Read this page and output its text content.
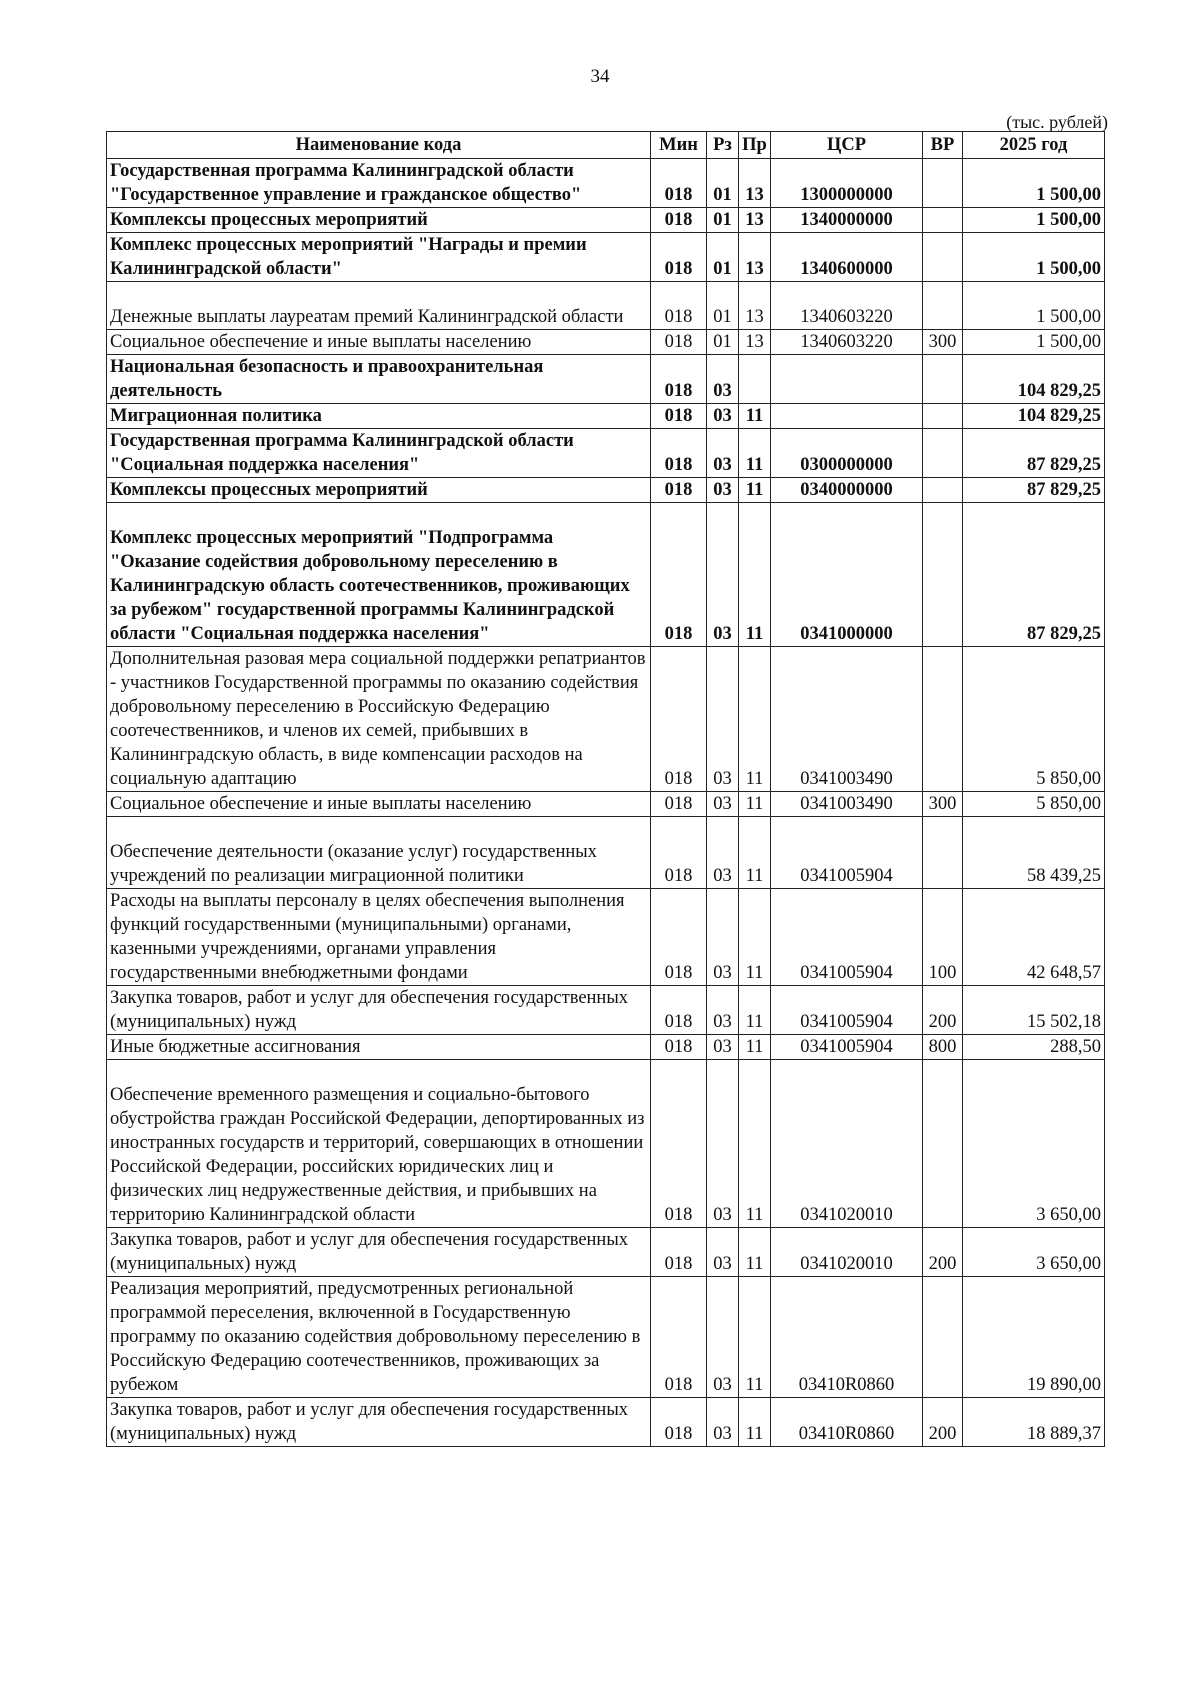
34
(тыс. рублей)
Наименование кода	Мин	Рз	Пр	ЦСР	ВР	2025 год
Государственная программа Калининградской области "Государственное управление и гражданское общество"	018	01	13	1300000000		1 500,00
Комплексы процессных мероприятий	018	01	13	1340000000		1 500,00
Комплекс процессных мероприятий "Награды и премии Калининградской области"	018	01	13	1340600000		1 500,00
Денежные выплаты лауреатам премий Калининградской области	018	01	13	1340603220		1 500,00
Социальное обеспечение и иные выплаты населению	018	01	13	1340603220	300	1 500,00
Национальная безопасность и правоохранительная деятельность	018	03				104 829,25
Миграционная политика	018	03	11			104 829,25
Государственная программа Калининградской области "Социальная поддержка населения"	018	03	11	0300000000		87 829,25
Комплексы процессных мероприятий	018	03	11	0340000000		87 829,25
Комплекс процессных мероприятий "Подпрограмма "Оказание содействия добровольному переселению в Калининградскую область соотечественников, проживающих за рубежом" государственной программы Калининградской области "Социальная поддержка населения"	018	03	11	0341000000		87 829,25
Дополнительная разовая мера социальной поддержки репатриантов - участников Государственной программы по оказанию содействия добровольному переселению в Российскую Федерацию соотечественников, и членов их семей, прибывших в Калининградскую область, в виде компенсации расходов на социальную адаптацию	018	03	11	0341003490		5 850,00
Социальное обеспечение и иные выплаты населению	018	03	11	0341003490	300	5 850,00
Обеспечение деятельности (оказание услуг) государственных учреждений по реализации миграционной политики	018	03	11	0341005904		58 439,25
Расходы на выплаты персоналу в целях обеспечения выполнения функций государственными (муниципальными) органами, казенными учреждениями, органами управления государственными внебюджетными фондами	018	03	11	0341005904	100	42 648,57
Закупка товаров, работ и услуг для обеспечения государственных (муниципальных) нужд	018	03	11	0341005904	200	15 502,18
Иные бюджетные ассигнования	018	03	11	0341005904	800	288,50
Обеспечение временного размещения и социально-бытового обустройства граждан Российской Федерации, депортированных из иностранных государств и территорий, совершающих в отношении Российской Федерации, российских юридических лиц и физических лиц недружественные действия, и прибывших на территорию Калининградской области	018	03	11	0341020010		3 650,00
Закупка товаров, работ и услуг для обеспечения государственных (муниципальных) нужд	018	03	11	0341020010	200	3 650,00
Реализация мероприятий, предусмотренных региональной программой переселения, включенной в Государственную программу по оказанию содействия добровольному переселению в Российскую Федерацию соотечественников, проживающих за рубежом	018	03	11	03410R0860		19 890,00
Закупка товаров, работ и услуг для обеспечения государственных (муниципальных) нужд	018	03	11	03410R0860	200	18 889,37
